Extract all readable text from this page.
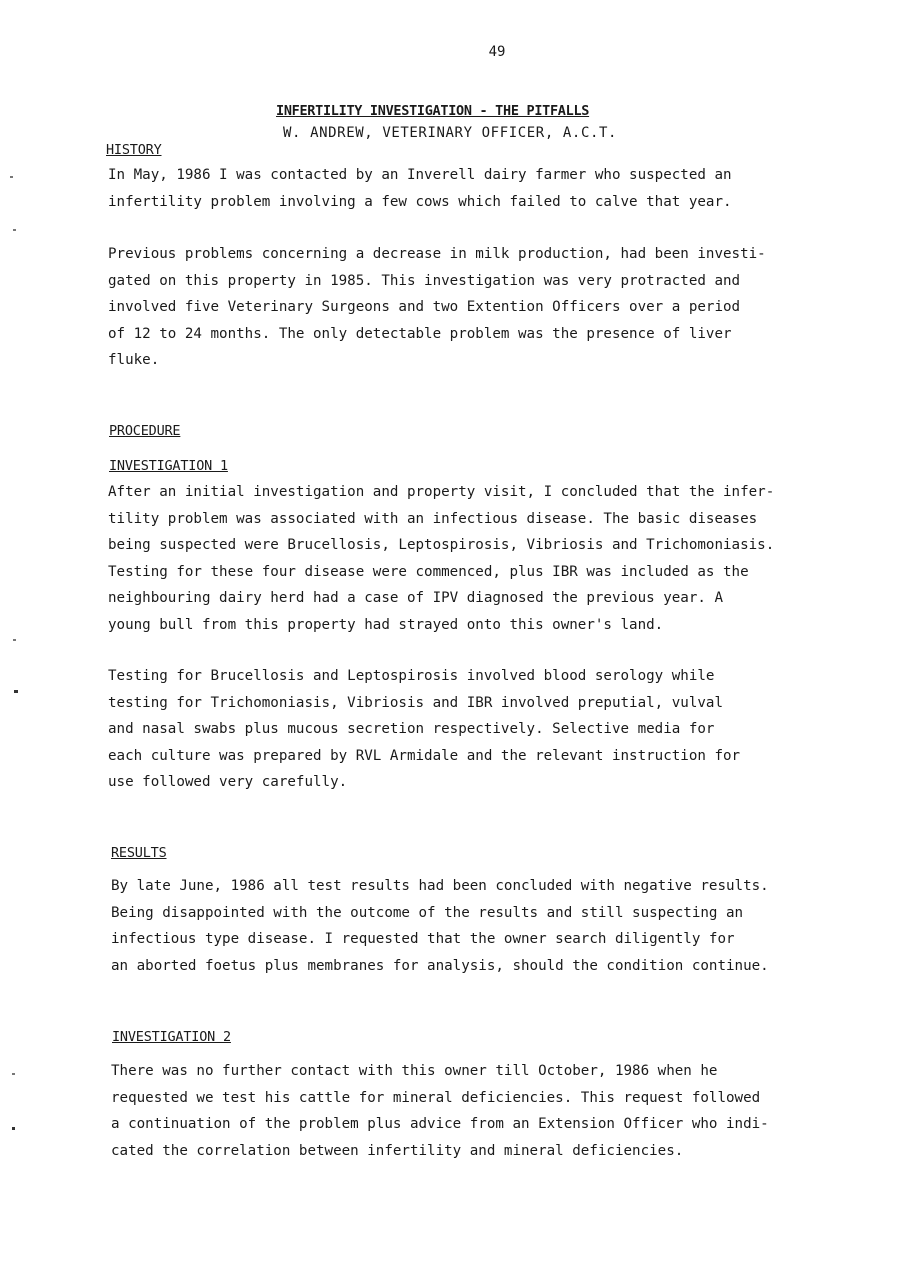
49
INFERTILITY INVESTIGATION - THE PITFALLS
W. ANDREW, VETERINARY OFFICER, A.C.T.
HISTORY
In May, 1986 I was contacted by an Inverell dairy farmer who suspected an
infertility problem involving a few cows which failed to calve that year.
Previous problems concerning a decrease in milk production, had been investi-
gated on this property in 1985. This investigation was very protracted and
involved five Veterinary Surgeons and two Extention Officers over a period
of 12 to 24 months. The only detectable problem was the presence of liver
fluke.
PROCEDURE
INVESTIGATION 1
After an initial investigation and property visit, I concluded that the infer-
tility problem was associated with an infectious disease. The basic diseases
being suspected were Brucellosis, Leptospirosis, Vibriosis and Trichomoniasis.
Testing for these four disease were commenced, plus IBR was included as the
neighbouring dairy herd had a case of IPV diagnosed the previous year. A
young bull from this property had strayed onto this owner's land.
Testing for Brucellosis and Leptospirosis involved blood serology while
testing for Trichomoniasis, Vibriosis and IBR involved preputial, vulval
and nasal swabs plus mucous secretion respectively. Selective media for
each culture was prepared by RVL Armidale and the relevant instruction for
use followed very carefully.
RESULTS
By late June, 1986 all test results had been concluded with negative results.
Being disappointed with the outcome of the results and still suspecting an
infectious type disease. I requested that the owner search diligently for
an aborted foetus plus membranes for analysis, should the condition continue.
INVESTIGATION 2
There was no further contact with this owner till October, 1986 when he
requested we test his cattle for mineral deficiencies. This request followed
a continuation of the problem plus advice from an Extension Officer who indi-
cated the correlation between infertility and mineral deficiencies.
